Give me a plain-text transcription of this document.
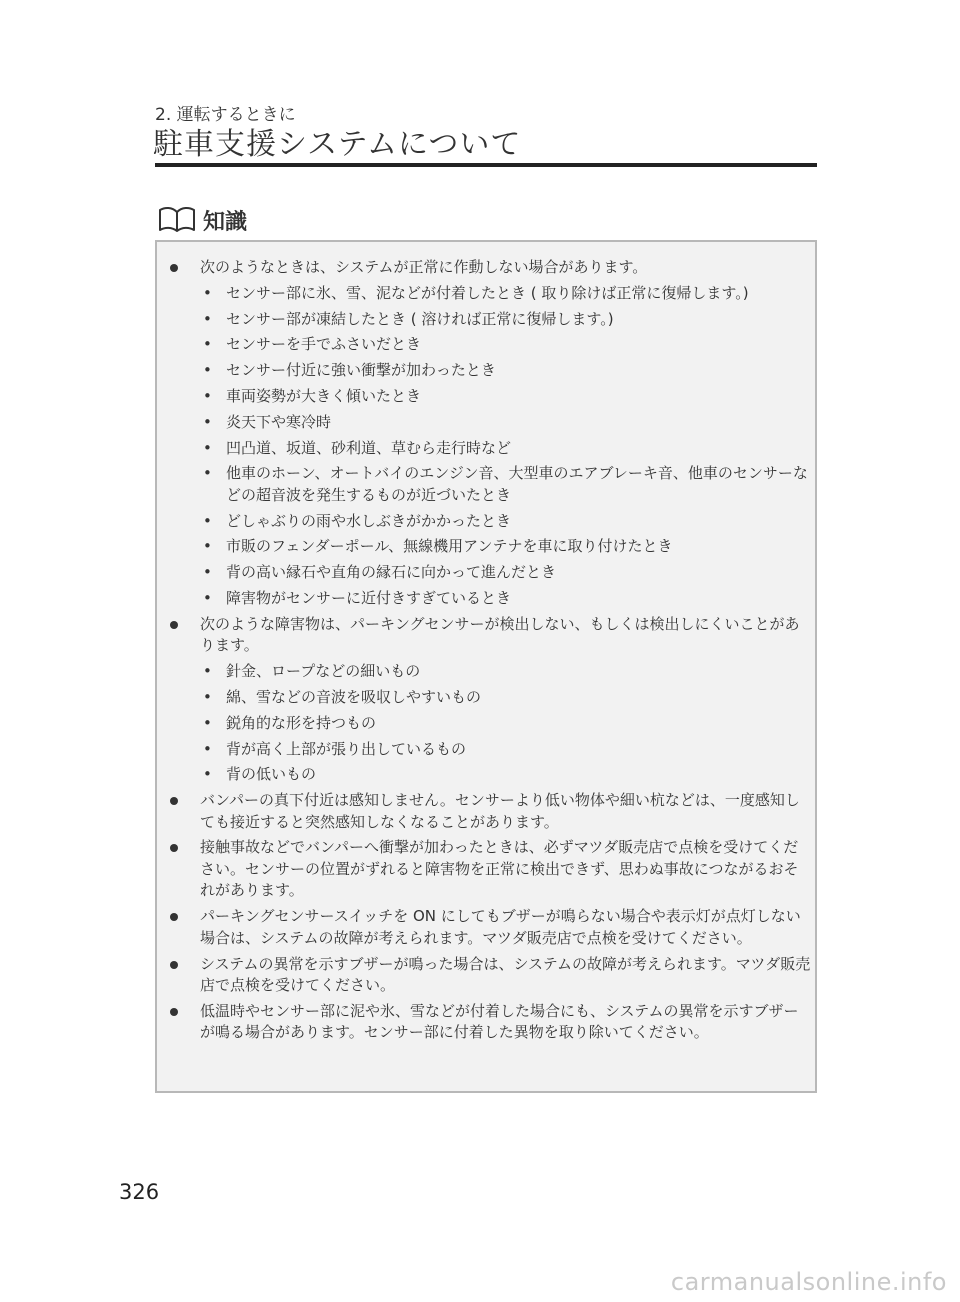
2. 運転するときに
駐車支援システムについて
知識
次のようなときは、システムが正常に作動しない場合があります。
• センサー部に氷、雪、泥などが付着したとき ( 取り除けば正常に復帰します。)
• センサー部が凍結したとき ( 溶ければ正常に復帰します。)
• センサーを手でふさいだとき
• センサー付近に強い衝撃が加わったとき
• 車両姿勢が大きく傾いたとき
• 炎天下や寒冷時
• 凹凸道、坂道、砂利道、草むら走行時など
• 他車のホーン、オートバイのエンジン音、大型車のエアブレーキ音、他車のセンサーなどの超音波を発生するものが近づいたとき
• どしゃぶりの雨や水しぶきがかかったとき
• 市販のフェンダーポール、無線機用アンテナを車に取り付けたとき
• 背の高い縁石や直角の縁石に向かって進んだとき
• 障害物がセンサーに近付きすぎているとき
次のような障害物は、パーキングセンサーが検出しない、もしくは検出しにくいことがあります。
• 針金、ロープなどの細いもの
• 綿、雪などの音波を吸収しやすいもの
• 鋭角的な形を持つもの
• 背が高く上部が張り出しているもの
• 背の低いもの
バンパーの真下付近は感知しません。センサーより低い物体や細い杭などは、一度感知しても接近すると突然感知しなくなることがあります。
接触事故などでバンパーへ衝撃が加わったときは、必ずマツダ販売店で点検を受けてください。センサーの位置がずれると障害物を正常に検出できず、思わぬ事故につながるおそれがあります。
パーキングセンサースイッチを ON にしてもブザーが鳴らない場合や表示灯が点灯しない場合は、システムの故障が考えられます。マツダ販売店で点検を受けてください。
システムの異常を示すブザーが鳴った場合は、システムの故障が考えられます。マツダ販売店で点検を受けてください。
低温時やセンサー部に泥や氷、雪などが付着した場合にも、システムの異常を示すブザーが鳴る場合があります。センサー部に付着した異物を取り除いてください。
326
carmanualsonline.info
